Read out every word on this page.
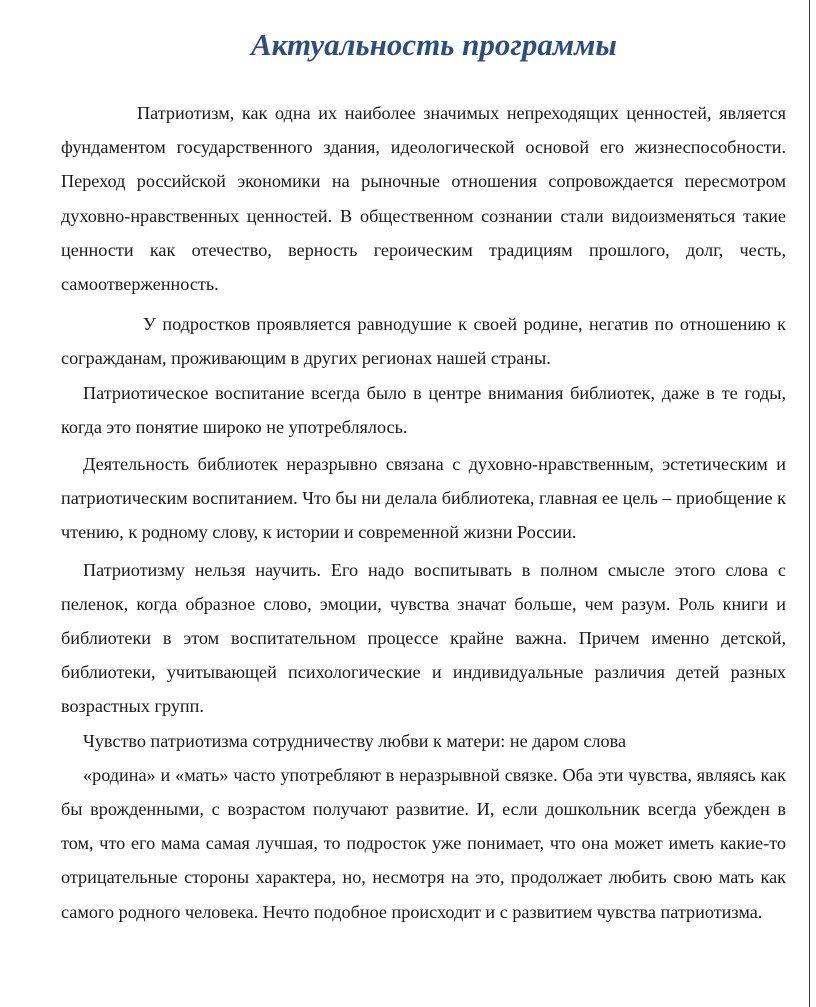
Актуальность программы

Патриотизм, как одна их наиболее значимых непреходящих ценностей, является фундаментом государственного здания, идеологической основой его жизнеспособности. Переход российской экономики на рыночные отношения сопровождается пересмотром духовно-нравственных ценностей. В общественном сознании стали видоизменяться такие ценности как отечество, верность героическим традициям прошлого, долг, честь, самоотверженность.

У подростков проявляется равнодушие к своей родине, негатив по отношению к согражданам, проживающим в других регионах нашей страны.

Патриотическое воспитание всегда было в центре внимания библиотек, даже в те годы, когда это понятие широко не употреблялось.

Деятельность библиотек неразрывно связана с духовно-нравственным, эстетическим и патриотическим воспитанием. Что бы ни делала библиотека, главная ее цель – приобщение к чтению, к родному слову, к истории и современной жизни России.

Патриотизму нельзя научить. Его надо воспитывать в полном смысле этого слова с пеленок, когда образное слово, эмоции, чувства значат больше, чем разум. Роль книги и библиотеки в этом воспитательном процессе крайне важна. Причем именно детской, библиотеки, учитывающей психологические и индивидуальные различия детей разных возрастных групп.

Чувство патриотизма сотрудничеству любви к матери: не даром слова

«родина» и «мать» часто употребляют в неразрывной связке. Оба эти чувства, являясь как бы врожденными, с возрастом получают развитие. И, если дошкольник всегда убежден в том, что его мама самая лучшая, то подросток уже понимает, что она может иметь какие-то отрицательные стороны характера, но, несмотря на это, продолжает любить свою мать как самого родного человека. Нечто подобное происходит и с развитием чувства патриотизма.
